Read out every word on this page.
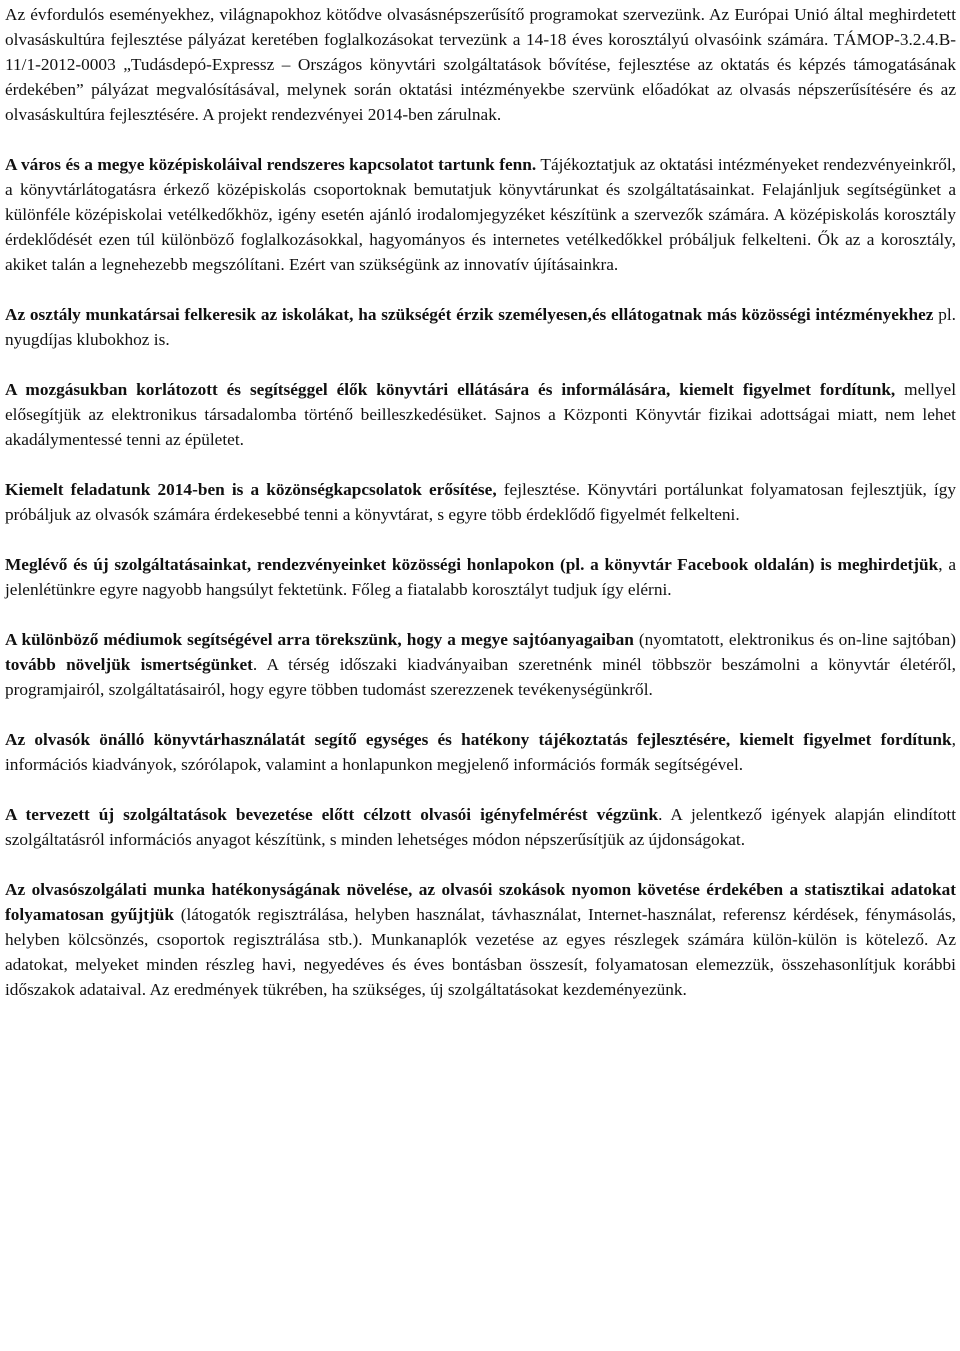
Az évfordulós eseményekhez, világnapokhoz kötődve olvasásnépszerűsítő programokat szervezünk. Az Európai Unió által meghirdetett olvasáskultúra fejlesztése pályázat keretében foglalkozásokat tervezünk a 14-18 éves korosztályú olvasóink számára. TÁMOP-3.2.4.B-11/1-2012-0003 „Tudásdepó-Expressz – Országos könyvtári szolgáltatások bővítése, fejlesztése az oktatás és képzés támogatásának érdekében” pályázat megvalósításával, melynek során oktatási intézményekbe szervünk előadókat az olvasás népszerűsítésére és az olvasáskultúra fejlesztésére. A projekt rendezvényei 2014-ben zárulnak.

A város és a megye középiskoláival rendszeres kapcsolatot tartunk fenn. Tájékoztatjuk az oktatási intézményeket rendezvényeinkről, a könyvtárlátogatásra érkező középiskolás csoportoknak bemutatjuk könyvtárunkat és szolgáltatásainkat. Felajánljuk segítségünket a különféle középiskolai vetélkedőkhöz, igény esetén ajánló irodalomjegyzéket készítünk a szervezők számára. A középiskolás korosztály érdeklődését ezen túl különböző foglalkozásokkal, hagyományos és internetes vetélkedőkkel próbáljuk felkelteni. Ők az a korosztály, akiket talán a legnehezebb megszólítani. Ezért van szükségünk az innovatív újításainkra.

Az osztály munkatársai felkeresik az iskolákat, ha szükségét érzik személyesen,és ellátogatnak más közösségi intézményekhez pl. nyugdíjas klubokhoz is.

A mozgásukban korlátozott és segítséggel élők könyvtári ellátására és informálására, kiemelt figyelmet fordítunk, mellyel elősegítjük az elektronikus társadalomba történő beilleszkedésüket. Sajnos a Központi Könyvtár fizikai adottságai miatt, nem lehet akadálymentessé tenni az épületet.

Kiemelt feladatunk 2014-ben is a közönségkapcsolatok erősítése, fejlesztése. Könyvtári portálunkat folyamatosan fejlesztjük, így próbáljuk az olvasók számára érdekesebbé tenni a könyvtárat, s egyre több érdeklődő figyelmét felkelteni.

Meglévő és új szolgáltatásainkat, rendezvényeinket közösségi honlapokon (pl. a könyvtár Facebook oldalán) is meghirdetjük, a jelenlétünkre egyre nagyobb hangsúlyt fektetünk. Főleg a fiatalabb korosztályt tudjuk így elérni.

A különböző médiumok segítségével arra törekszünk, hogy a megye sajtóanyagaiban (nyomtatott, elektronikus és on-line sajtóban) tovább növeljük ismertségünket. A térség időszaki kiadványaiban szeretnénk minél többször beszámolni a könyvtár életéről, programjairól, szolgáltatásairól, hogy egyre többen tudomást szerezzenek tevékenységünkről.

Az olvasók önálló könyvtárhasználatát segítő egységes és hatékony tájékoztatás fejlesztésére, kiemelt figyelmet fordítunk, információs kiadványok, szórólapok, valamint a honlapunkon megjelenő információs formák segítségével.

A tervezett új szolgáltatások bevezetése előtt célzott olvasói igényfelmérést végzünk. A jelentkező igények alapján elindított szolgáltatásról információs anyagot készítünk, s minden lehetséges módon népszerűsítjük az újdonságokat.

Az olvasószolgálati munka hatékonyságának növelése, az olvasói szokások nyomon követése érdekében a statisztikai adatokat folyamatosan gyűjtjük (látogatók regisztrálása, helyben használat, távhasználat, Internet-használat, referensz kérdések, fénymásolás, helyben kölcsönzés, csoportok regisztrálása stb.). Munkanaplók vezetése az egyes részlegek számára külön-külön is kötelező. Az adatokat, melyeket minden részleg havi, negyedéves és éves bontásban összesít, folyamatosan elemezzük, összehasonlítjuk korábbi időszakok adataival. Az eredmények tükrében, ha szükséges, új szolgáltatásokat kezdeményezünk.
